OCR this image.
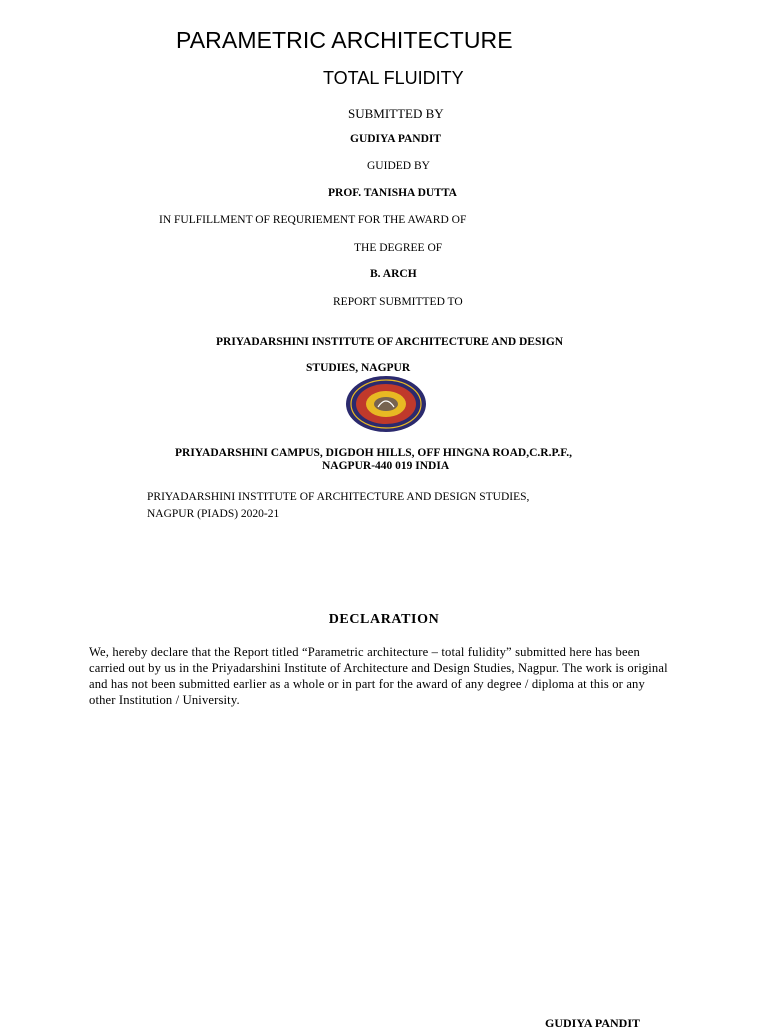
PARAMETRIC ARCHITECTURE
TOTAL FLUIDITY
SUBMITTED BY
GUDIYA PANDIT
GUIDED BY
PROF. TANISHA DUTTA
IN FULFILLMENT OF REQURIEMENT FOR THE AWARD OF
THE DEGREE OF
B. ARCH
REPORT SUBMITTED TO
PRIYADARSHINI INSTITUTE OF ARCHITECTURE AND DESIGN
STUDIES, NAGPUR
PRIYADARSHINI CAMPUS, DIGDOH HILLS, OFF HINGNA ROAD,C.R.P.F.,
NAGPUR-440 019 INDIA
PRIYADARSHINI INSTITUTE OF ARCHITECTURE AND DESIGN STUDIES,
NAGPUR (PIADS) 2020-21
DECLARATION
We, hereby declare that the Report titled “Parametric architecture – total fulidity” submitted here has been carried out by us in the Priyadarshini Institute of Architecture and Design Studies, Nagpur. The work is original and has not been submitted earlier as a whole or in part for the award of any degree / diploma at this or any other Institution / University.
GUDIYA PANDIT
